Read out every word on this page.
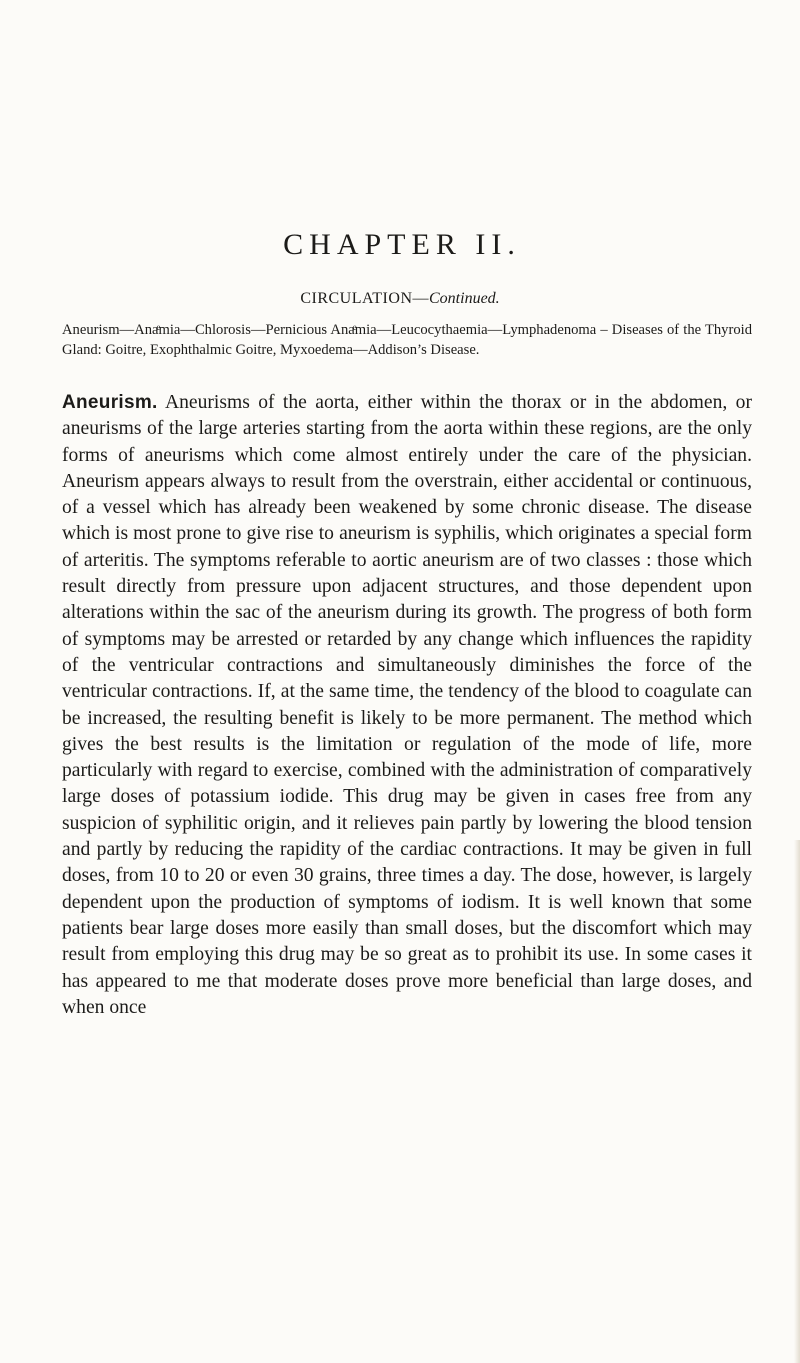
CHAPTER II.
CIRCULATION—Continued.

Aneurism—Anaͤmia—Chlorosis—Pernicious Anaͤmia—Leucocythaemia—Lymphadenoma – Diseases of the Thyroid Gland: Goitre, Exophthalmic Goitre, Myxoedema—Addison’s Disease.

Aneurism. Aneurisms of the aorta, either within the thorax or in the abdomen, or aneurisms of the large arteries starting from the aorta within these regions, are the only forms of aneurisms which come almost entirely under the care of the physician. Aneurism appears always to result from the overstrain, either accidental or continuous, of a vessel which has already been weakened by some chronic disease. The disease which is most prone to give rise to aneurism is syphilis, which originates a special form of arteritis. The symptoms referable to aortic aneurism are of two classes : those which result directly from pressure upon adjacent structures, and those dependent upon alterations within the sac of the aneurism during its growth. The progress of both form of symptoms may be arrested or retarded by any change which influences the rapidity of the ventricular contractions and simultaneously diminishes the force of the ventricular contractions. If, at the same time, the tendency of the blood to coagulate can be increased, the resulting benefit is likely to be more permanent. The method which gives the best results is the limitation or regulation of the mode of life, more particularly with regard to exercise, combined with the administration of comparatively large doses of potassium iodide. This drug may be given in cases free from any suspicion of syphilitic origin, and it relieves pain partly by lowering the blood tension and partly by reducing the rapidity of the cardiac contractions. It may be given in full doses, from 10 to 20 or even 30 grains, three times a day. The dose, however, is largely dependent upon the production of symptoms of iodism. It is well known that some patients bear large doses more easily than small doses, but the discomfort which may result from employing this drug may be so great as to prohibit its use. In some cases it has appeared to me that moderate doses prove more beneficial than large doses, and when once
